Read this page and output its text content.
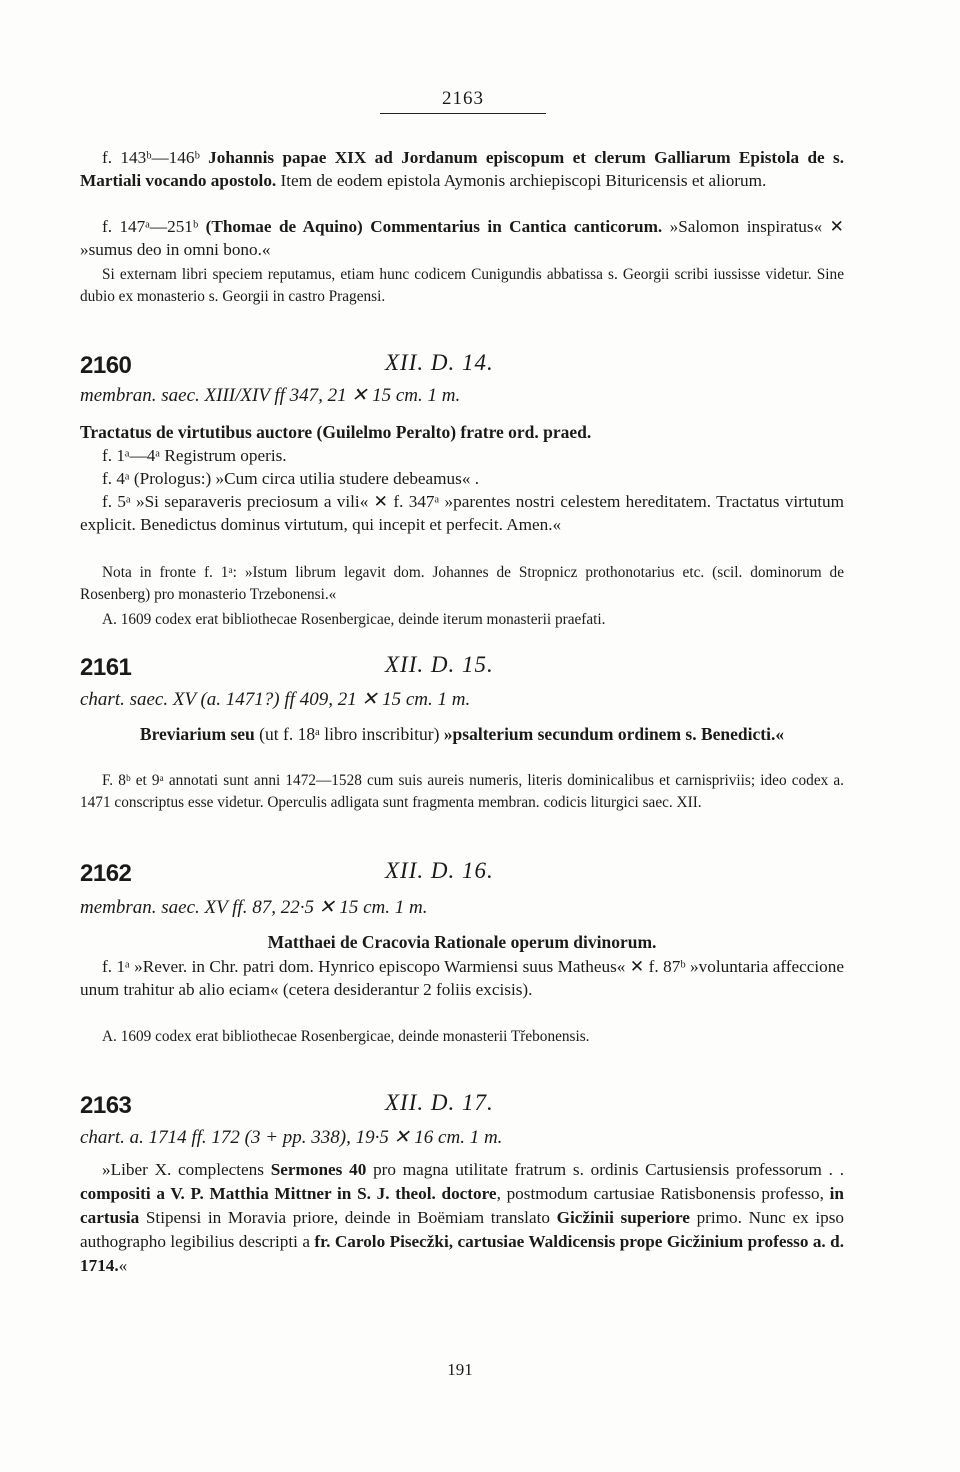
2163
f. 143ᵇ—146ᵇ Johannis papae XIX ad Jordanum episcopum et clerum Galliarum Epistola de s. Martiali vocando apostolo. Item de eodem epistola Aymonis archiepiscopi Bituricensis et aliorum.
f. 147ᵃ—251ᵇ (Thomae de Aquino) Commentarius in Cantica canticorum. »Salomon inspiratus« ✕ »sumus deo in omni bono.«
Si externam libri speciem reputamus, etiam hunc codicem Cunigundis abbatissa s. Georgii scribi iussisse videtur. Sine dubio ex monasterio s. Georgii in castro Pragensi.
2160	XII. D. 14.
membran. saec. XIII/XIV ff 347, 21 ✕ 15 cm. 1 m.
Tractatus de virtutibus auctore (Guilelmo Peralto) fratre ord. praed.
f. 1ᵃ—4ᵃ Registrum operis.
f. 4ᵃ (Prologus:) »Cum circa utilia studere debeamus« .
f. 5ᵃ »Si separaveris preciosum a vili« ✕ f. 347ᵃ »parentes nostri celestem hereditatem. Tractatus virtutum explicit. Benedictus dominus virtutum, qui incepit et perfecit. Amen.«
Nota in fronte f. 1ᵃ: »Istum librum legavit dom. Johannes de Stropnicz prothonotarius etc. (scil. dominorum de Rosenberg) pro monasterio Trzebonensi.«
A. 1609 codex erat bibliothecae Rosenbergicae, deinde iterum monasterii praefati.
2161	XII. D. 15.
chart. saec. XV (a. 1471?) ff 409, 21 ✕ 15 cm. 1 m.
Breviarium seu (ut f. 18ᵃ libro inscribitur) »psalterium secundum ordinem s. Benedicti.«
F. 8ᵇ et 9ᵃ annotati sunt anni 1472—1528 cum suis aureis numeris, literis dominicalibus et carnispriviis; ideo codex a. 1471 conscriptus esse videtur. Operculis adligata sunt fragmenta membran. codicis liturgici saec. XII.
2162	XII. D. 16.
membran. saec. XV ff. 87, 22·5 ✕ 15 cm. 1 m.
Matthaei de Cracovia Rationale operum divinorum.
f. 1ᵃ »Rever. in Chr. patri dom. Hynrico episcopo Warmiensi suus Matheus« ✕ f. 87ᵇ »voluntaria affeccione unum trahitur ab alio eciam« (cetera desiderantur 2 foliis excisis).
A. 1609 codex erat bibliothecae Rosenbergicae, deinde monasterii Třebonensis.
2163	XII. D. 17.
chart. a. 1714 ff. 172 (3 + pp. 338), 19·5 ✕ 16 cm. 1 m.
»Liber X. complectens Sermones 40 pro magna utilitate fratrum s. ordinis Cartusiensis professorum . . compositi a V. P. Matthia Mittner in S. J. theol. doctore, postmodum cartusiae Ratisbonensis professo, in cartusia Stipensi in Moravia priore, deinde in Boëmiam translato Gicžinii superiore primo. Nunc ex ipso authographo legibilius descripti a fr. Carolo Pisecžki, cartusiae Waldicensis prope Gicžinium professo a. d. 1714.«
191
